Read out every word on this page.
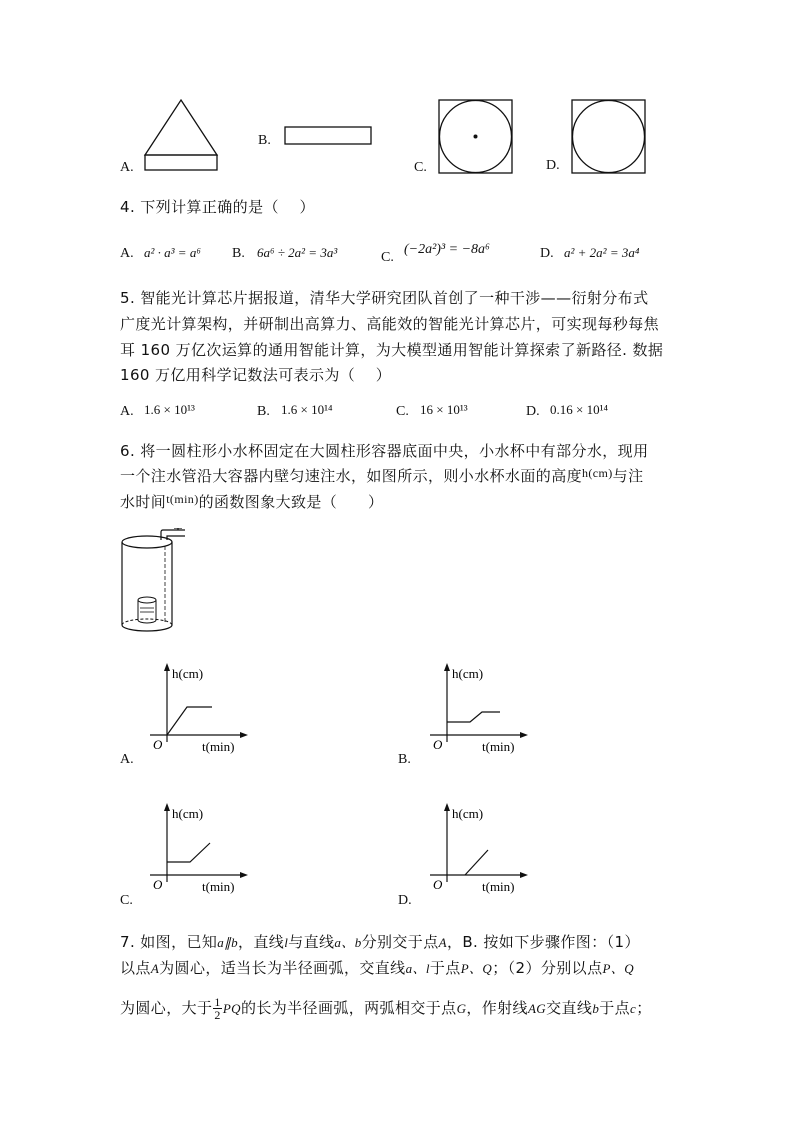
A.
B.
C.	D.
4. 下列计算正确的是（　 ）
A. a² · a³ = a⁶ B. 6a⁶ ÷ 2a² = 3a³	C.
(−2a²)³ = −8a⁶	D. a² + 2a² = 3a⁴
5. 智能光计算芯片据报道，清华大学研究团队首创了一种干涉——衍射分布式
广度光计算架构，并研制出高算力、高能效的智能光计算芯片，可实现每秒每焦
耳 160 万亿次运算的通用智能计算，为大模型通用智能计算探索了新路径. 数据
160 万亿用科学记数法可表示为（　 ）
A. 1.6 × 10¹³	B. 1.6 × 10¹⁴	C. 16 × 10¹³	D. 0.16 × 10¹⁴
6. 将一圆柱形小水杯固定在大圆柱形容器底面中央，小水杯中有部分水，现用
一个注水管沿大容器内壁匀速注水，如图所示，则小水杯水面的高度$^{h(cm)}$与注
水时间$^{t(min)}$的函数图象大致是（　　）
h(cm)
t(min)
O
A.
h(cm)
t(min)
O
B.
h(cm)
t(min)
O
C.
h(cm)
t(min)
O
D.
7. 如图，已知a∥b，直线l与直线a、b分别交于点A，B. 按如下步骤作图：（1）
以点A为圆心，适当长为半径画弧，交直线a、l于点P、Q；（2）分别以点P、Q
为圆心，大于 $\frac{1}{2}$ PQ的长为半径画弧，两弧相交于点G，作射线AG交直线b于点c；
